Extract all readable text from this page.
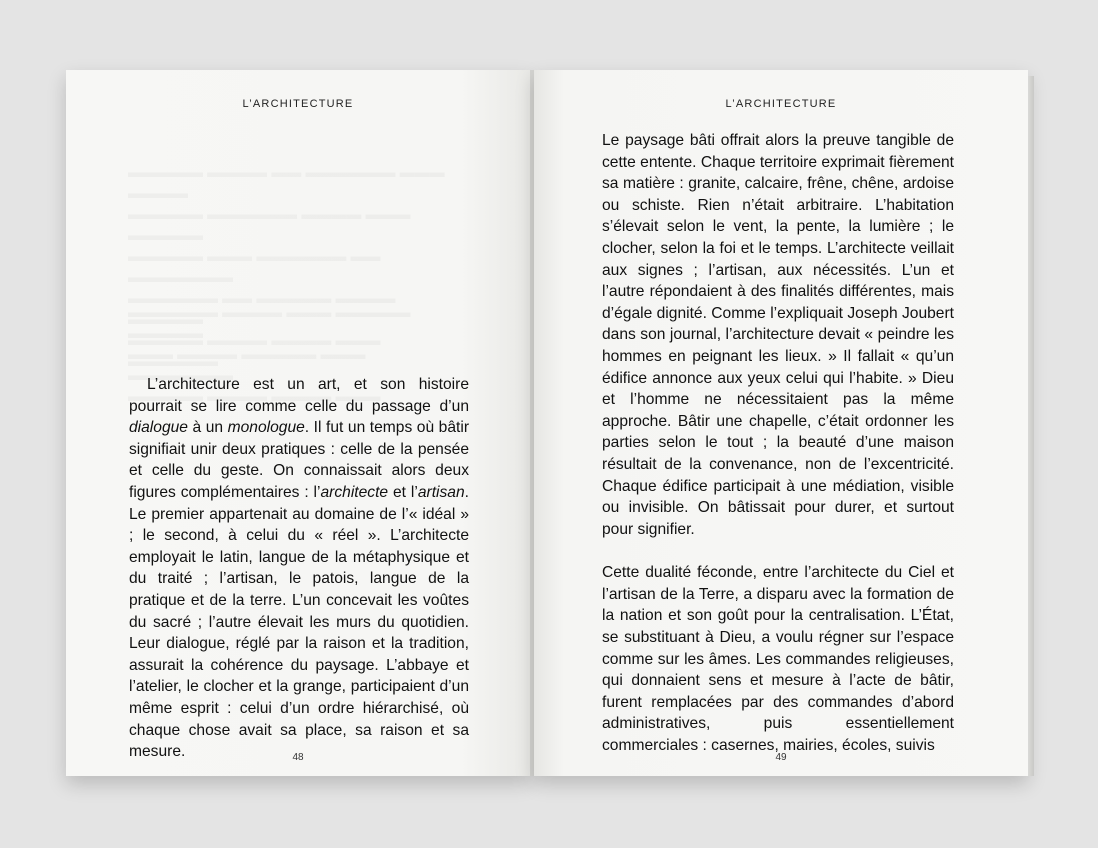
L’ARCHITECTURE

L’architecture est un art, et son histoire pourrait se lire comme celle du passage d’un dialogue à un monologue. Il fut un temps où bâtir signifiait unir deux pratiques : celle de la pensée et celle du geste. On connaissait alors deux figures complémentaires : l’architecte et l’artisan. Le premier appartenait au domaine de l’« idéal » ; le second, à celui du « réel ». L’architecte employait le latin, langue de la métaphysique et du traité ; l’artisan, le patois, langue de la pratique et de la terre. L’un concevait les voûtes du sacré ; l’autre élevait les murs du quotidien. Leur dialogue, réglé par la raison et la tradition, assurait la cohérence du paysage. L’abbaye et l’atelier, le clocher et la grange, participaient d’un même esprit : celui d’un ordre hiérarchisé, où chaque chose avait sa place, sa raison et sa mesure.	48
L’ARCHITECTURE

Le paysage bâti offrait alors la preuve tangible de cette entente. Chaque territoire exprimait fièrement sa matière : granite, calcaire, frêne, chêne, ardoise ou schiste. Rien n’était arbitraire. L’habitation s’élevait selon le vent, la pente, la lumière ; le clocher, selon la foi et le temps. L’architecte veillait aux signes ; l’artisan, aux nécessités. L’un et l’autre répondaient à des finalités différentes, mais d’égale dignité. Comme l’expliquait Joseph Joubert dans son journal, l’architecture devait « peindre les hommes en peignant les lieux. » Il fallait « qu’un édifice annonce aux yeux celui qui l’habite. » Dieu et l’homme ne nécessitaient pas la même approche. Bâtir une chapelle, c’était ordonner les parties selon le tout ; la beauté d’une maison résultait de la convenance, non de l’excentricité. Chaque édifice participait à une médiation, visible ou invisible. On bâtissait pour durer, et surtout pour signifier.

Cette dualité féconde, entre l’architecte du Ciel et l’artisan de la Terre, a disparu avec la formation de la nation et son goût pour la centralisation. L’État, se substituant à Dieu, a voulu régner sur l’espace comme sur les âmes. Les commandes religieuses, qui donnaient sens et mesure à l’acte de bâtir, furent remplacées par des commandes d’abord administratives, puis essentiellement commerciales : casernes, mairies, écoles, suivis

49
